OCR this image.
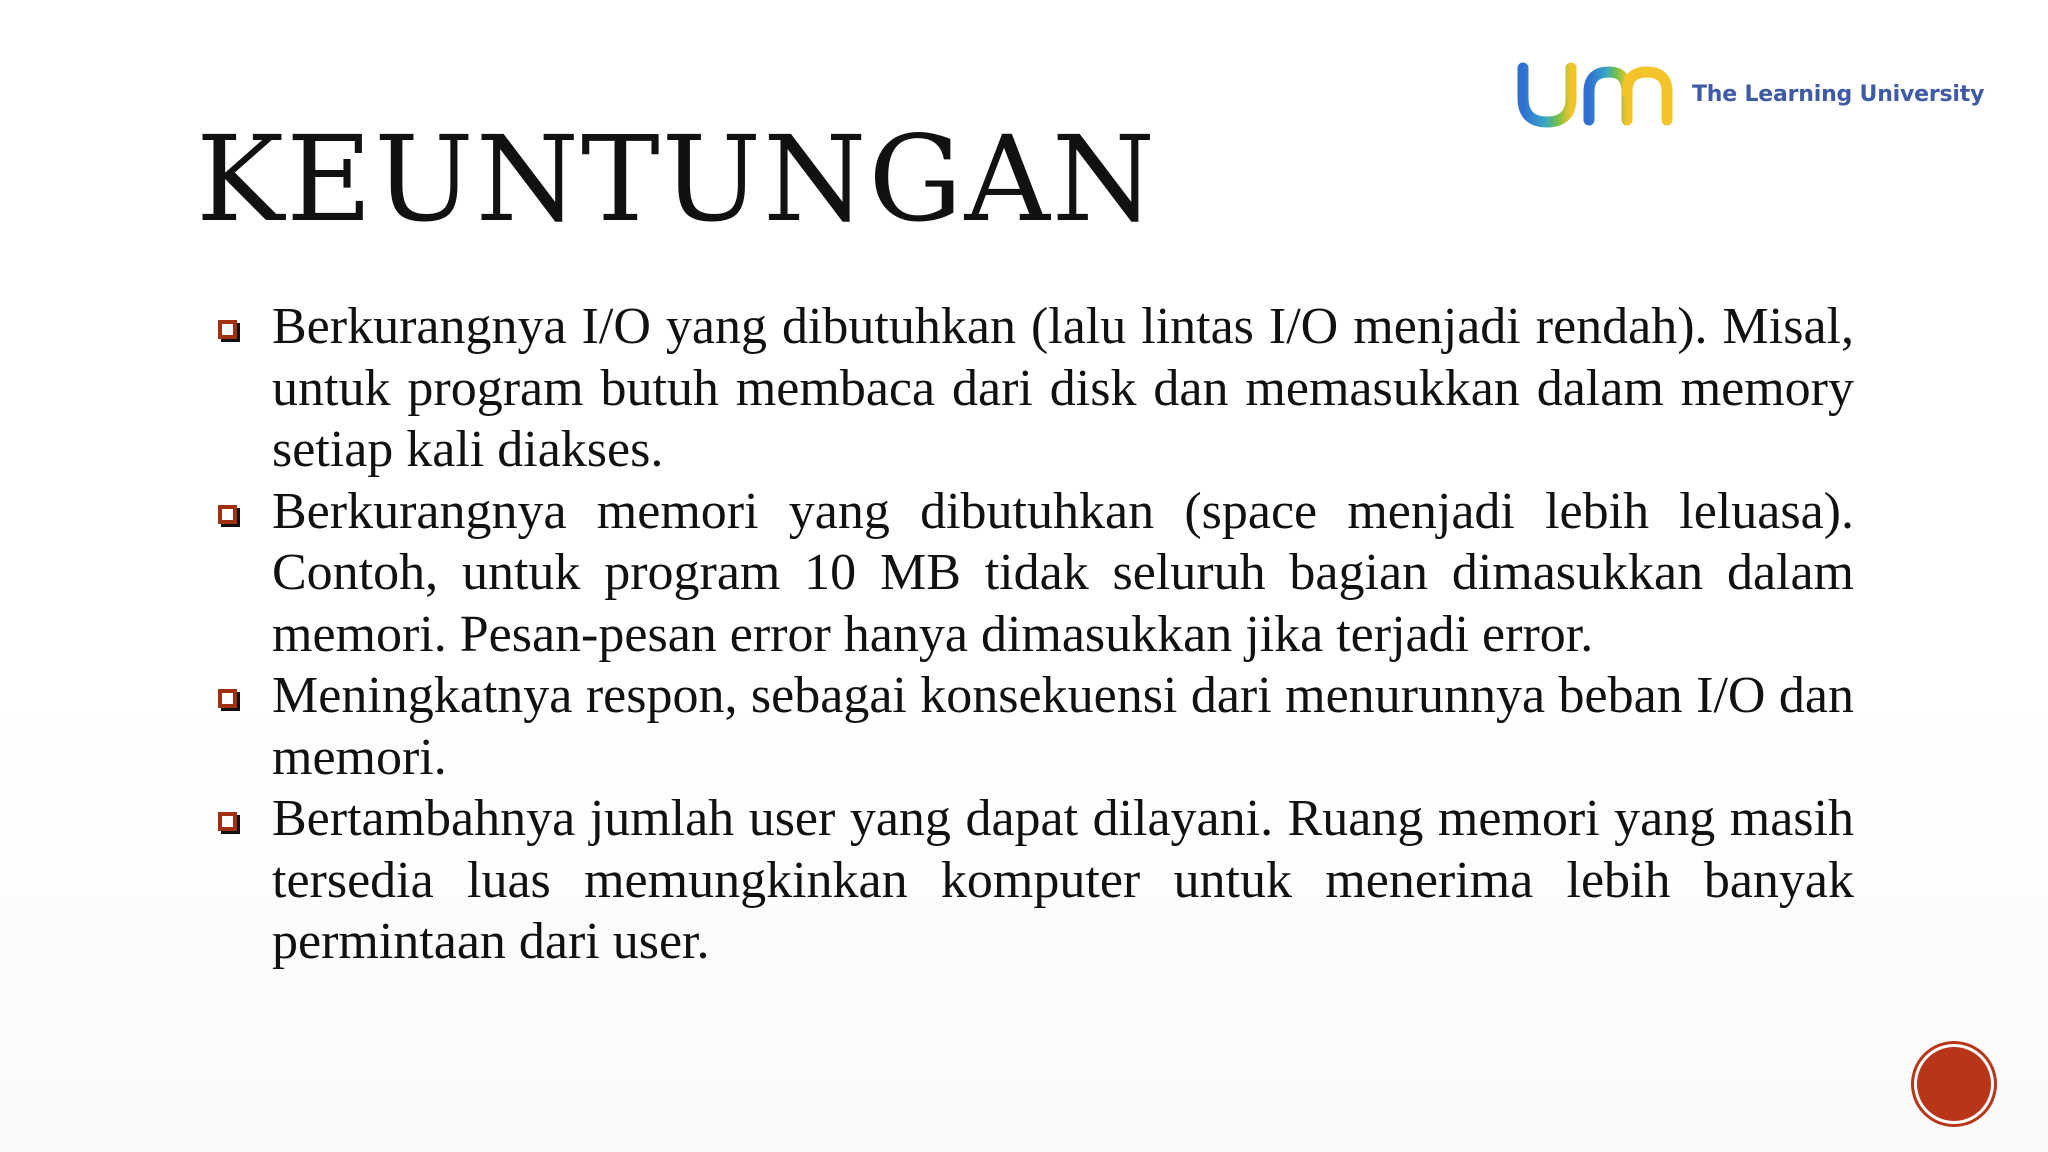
The Learning University
KEUNTUNGAN
Berkurangnya I/O yang dibutuhkan (lalu lintas I/O menjadi rendah). Misal, untuk program butuh membaca dari disk dan memasukkan dalam memory setiap kali diakses.
Berkurangnya memori yang dibutuhkan (space menjadi lebih leluasa). Contoh, untuk program 10 MB tidak seluruh bagian dimasukkan dalam memori. Pesan-pesan error hanya dimasukkan jika terjadi error.
Meningkatnya respon, sebagai konsekuensi dari menurunnya beban I/O dan memori.
Bertambahnya jumlah user yang dapat dilayani. Ruang memori yang masih tersedia luas memungkinkan komputer untuk menerima lebih banyak permintaan dari user.
